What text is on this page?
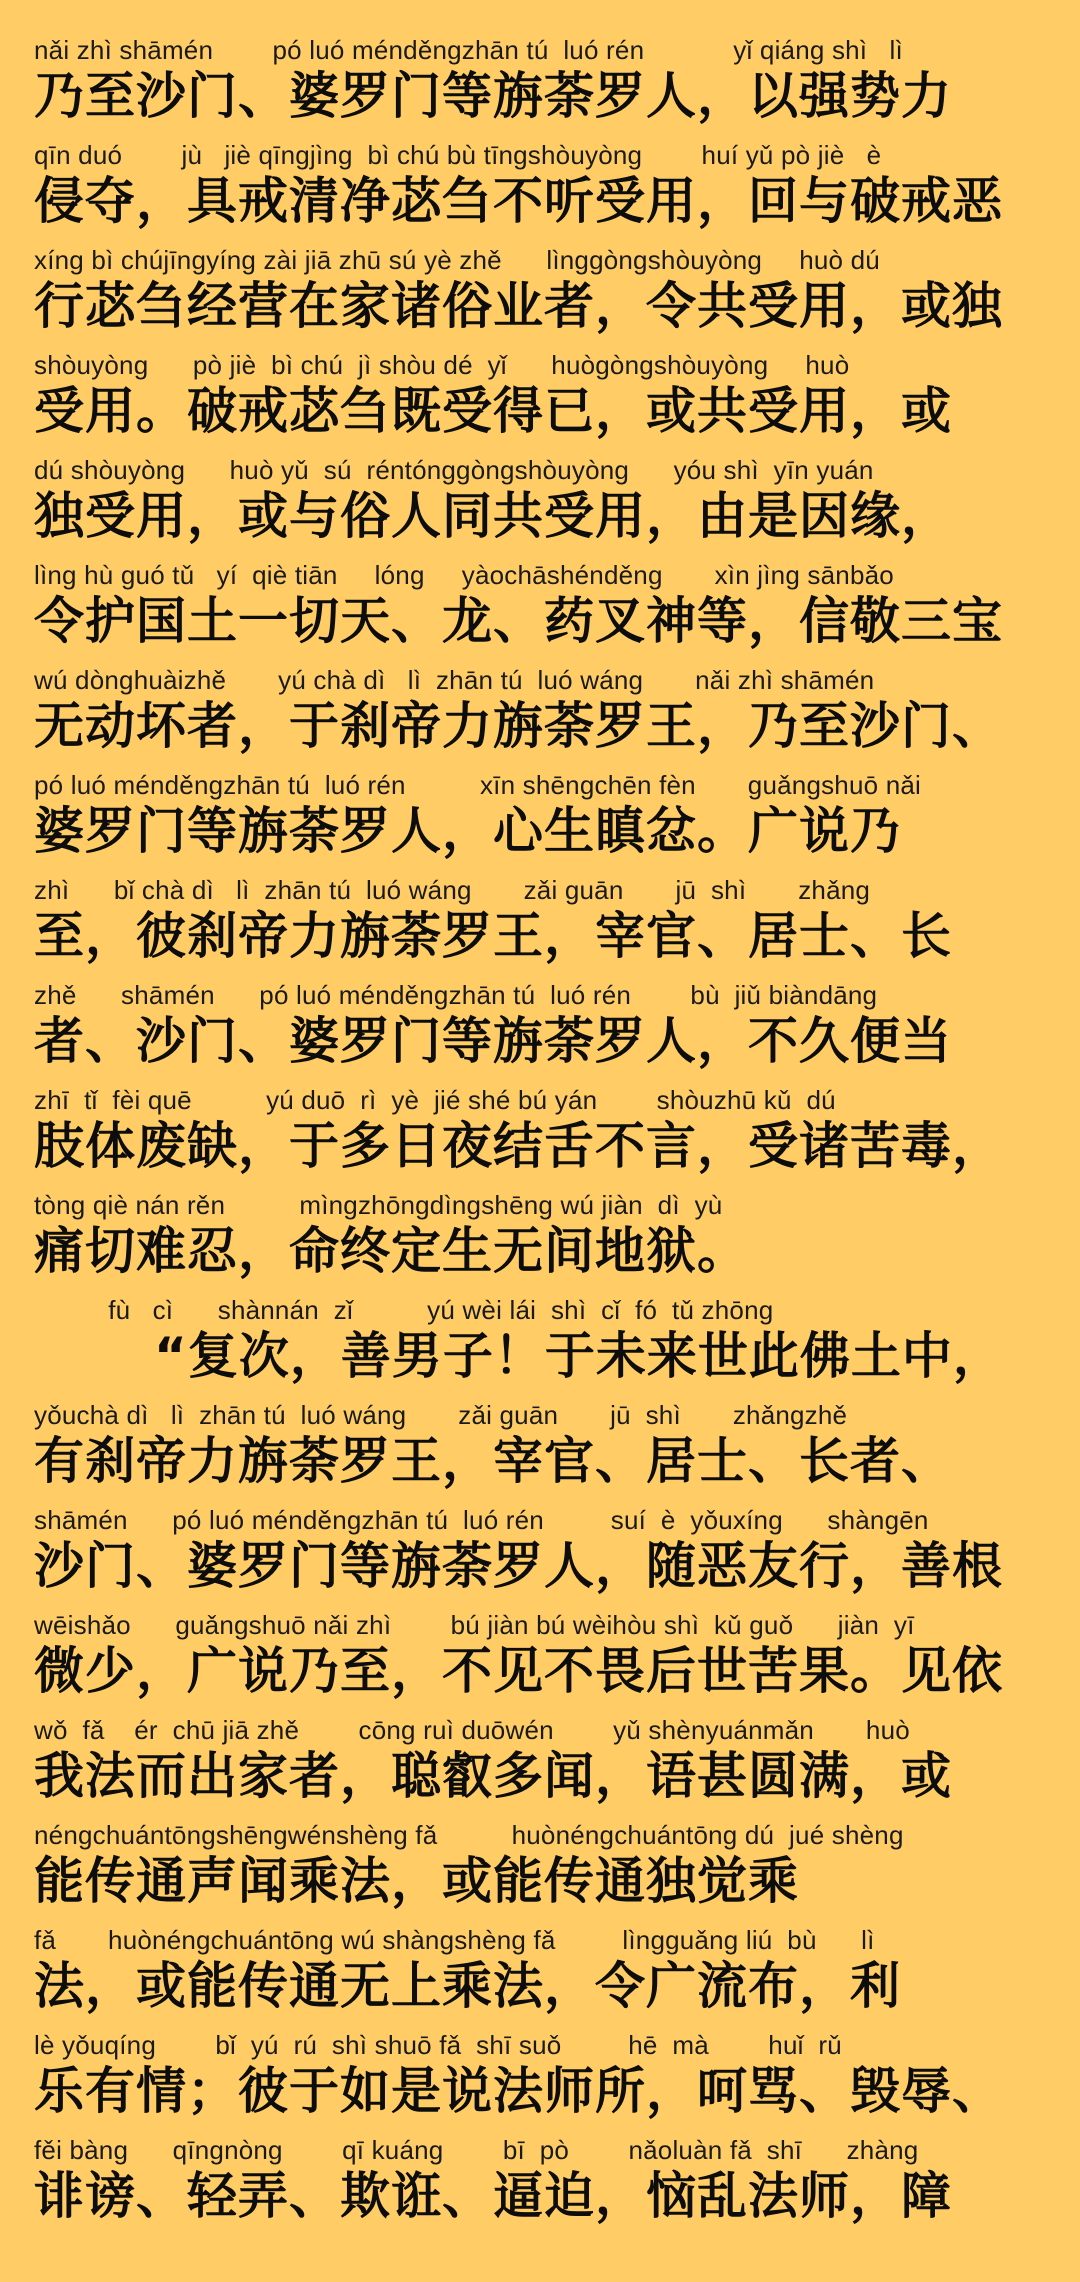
nǎi zhì shāmén        pó luó ménděngzhān tú  luó rén            yǐ qiáng shì   lì
乃至沙门、婆罗门等旃荼罗人，以强势力
qīn duó        jù   jiè qīngjìng  bì chú bù tīngshòuyòng        huí yǔ pò jiè   è
侵夺，具戒清净苾刍不听受用，回与破戒恶
xíng bì chújīngyíng zài jiā zhū sú yè zhě      lìnggòngshòuyòng     huò dú
行苾刍经营在家诸俗业者，令共受用，或独
shòuyòng      pò jiè  bì chú  jì shòu dé  yǐ      huògòngshòuyòng     huò
受用。破戒苾刍既受得已，或共受用，或
dú shòuyòng      huò yǔ  sú  réntónggòngshòuyòng      yóu shì  yīn yuán
独受用，或与俗人同共受用，由是因缘，
lìng hù guó tǔ   yí  qiè tiān     lóng     yàochāshénděng       xìn jìng sānbǎo
令护国土一切天、龙、药叉神等，信敬三宝
wú dònghuàizhě       yú chà dì   lì  zhān tú  luó wáng       nǎi zhì shāmén
无动坏者，于刹帝力旃荼罗王，乃至沙门、
pó luó ménděngzhān tú  luó rén          xīn shēngchēn fèn       guǎngshuō nǎi
婆罗门等旃荼罗人，心生瞋忿。广说乃
zhì      bǐ chà dì   lì  zhān tú  luó wáng       zǎi guān       jū  shì       zhǎng
至，彼刹帝力旃荼罗王，宰官、居士、长
zhě      shāmén      pó luó ménděngzhān tú  luó rén        bù  jiǔ biàndāng
者、沙门、婆罗门等旃荼罗人，不久便当
zhī  tǐ  fèi quē          yú duō  rì  yè  jié shé bú yán        shòuzhū kǔ  dú
肢体废缺，于多日夜结舌不言，受诸苦毒，
tòng qiè nán rěn          mìngzhōngdìngshēng wú jiàn  dì  yù
痛切难忍，命终定生无间地狱。
fù   cì      shànnán  zǐ          yú wèi lái  shì  cǐ  fó  tǔ zhōng
“复次，善男子！于未来世此佛土中，
yǒuchà dì   lì  zhān tú  luó wáng       zǎi guān       jū  shì       zhǎngzhě
有刹帝力旃荼罗王，宰官、居士、长者、
shāmén      pó luó ménděngzhān tú  luó rén         suí  è  yǒuxíng      shàngēn
沙门、婆罗门等旃荼罗人，随恶友行，善根
wēishǎo      guǎngshuō nǎi zhì        bú jiàn bú wèihòu shì  kǔ guǒ      jiàn  yī
微少，广说乃至，不见不畏后世苦果。见依
wǒ  fǎ    ér  chū jiā zhě        cōng ruì duōwén        yǔ shènyuánmǎn       huò
我法而出家者，聪叡多闻，语甚圆满，或
néngchuántōngshēngwénshèng fǎ          huònéngchuántōng dú  jué shèng
能传通声闻乘法，或能传通独觉乘
fǎ       huònéngchuántōng wú shàngshèng fǎ         lìngguǎng liú  bù      lì
法，或能传通无上乘法，令广流布，利
lè yǒuqíng        bǐ  yú  rú  shì shuō fǎ  shī suǒ         hē  mà        huǐ  rǔ
乐有情；彼于如是说法师所，呵骂、毁辱、
fěi bàng      qīngnòng        qī kuáng        bī  pò        nǎoluàn fǎ  shī      zhàng
诽谤、轻弄、欺诳、逼迫，恼乱法师，障
